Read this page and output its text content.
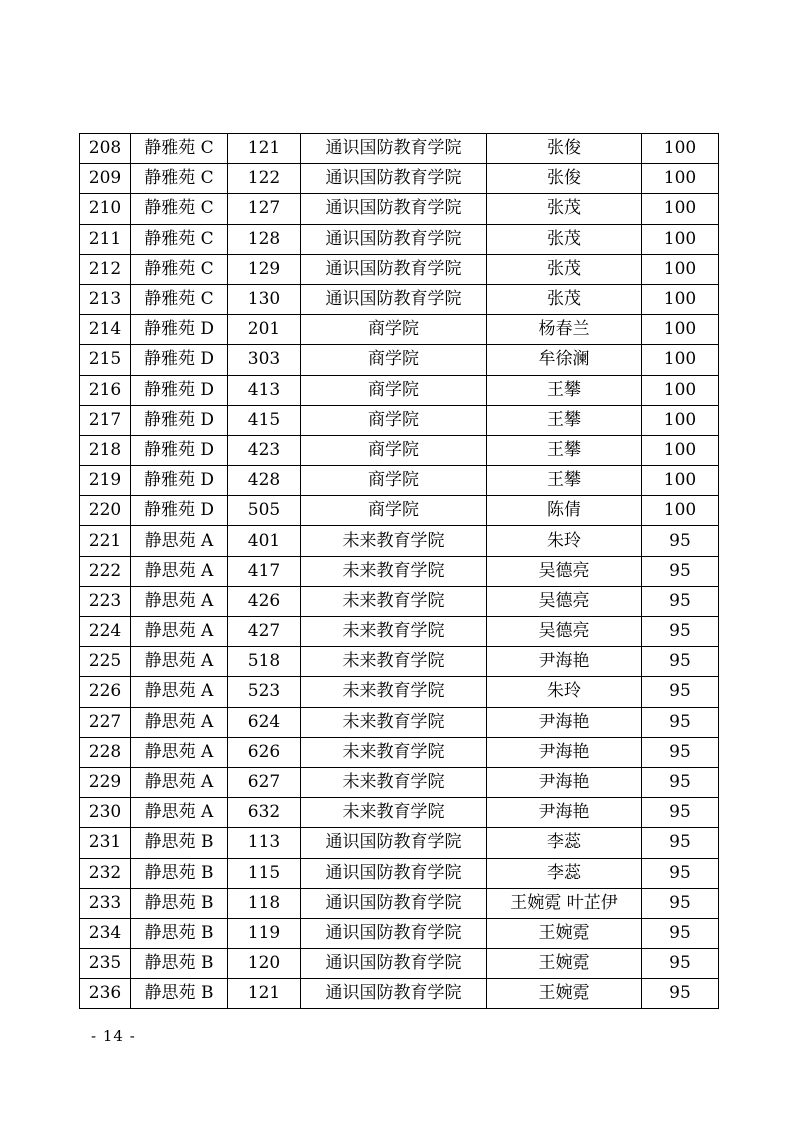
208	静雅苑 C	121	通识国防教育学院	张俊	100
209	静雅苑 C	122	通识国防教育学院	张俊	100
210	静雅苑 C	127	通识国防教育学院	张茂	100
211	静雅苑 C	128	通识国防教育学院	张茂	100
212	静雅苑 C	129	通识国防教育学院	张茂	100
213	静雅苑 C	130	通识国防教育学院	张茂	100
214	静雅苑 D	201	商学院	杨春兰	100
215	静雅苑 D	303	商学院	牟徐澜	100
216	静雅苑 D	413	商学院	王攀	100
217	静雅苑 D	415	商学院	王攀	100
218	静雅苑 D	423	商学院	王攀	100
219	静雅苑 D	428	商学院	王攀	100
220	静雅苑 D	505	商学院	陈倩	100
221	静思苑 A	401	未来教育学院	朱玲	95
222	静思苑 A	417	未来教育学院	吴德亮	95
223	静思苑 A	426	未来教育学院	吴德亮	95
224	静思苑 A	427	未来教育学院	吴德亮	95
225	静思苑 A	518	未来教育学院	尹海艳	95
226	静思苑 A	523	未来教育学院	朱玲	95
227	静思苑 A	624	未来教育学院	尹海艳	95
228	静思苑 A	626	未来教育学院	尹海艳	95
229	静思苑 A	627	未来教育学院	尹海艳	95
230	静思苑 A	632	未来教育学院	尹海艳	95
231	静思苑 B	113	通识国防教育学院	李蕊	95
232	静思苑 B	115	通识国防教育学院	李蕊	95
233	静思苑 B	118	通识国防教育学院	王婉霓 叶芷伊	95
234	静思苑 B	119	通识国防教育学院	王婉霓	95
235	静思苑 B	120	通识国防教育学院	王婉霓	95
236	静思苑 B	121	通识国防教育学院	王婉霓	95
- 14 -
